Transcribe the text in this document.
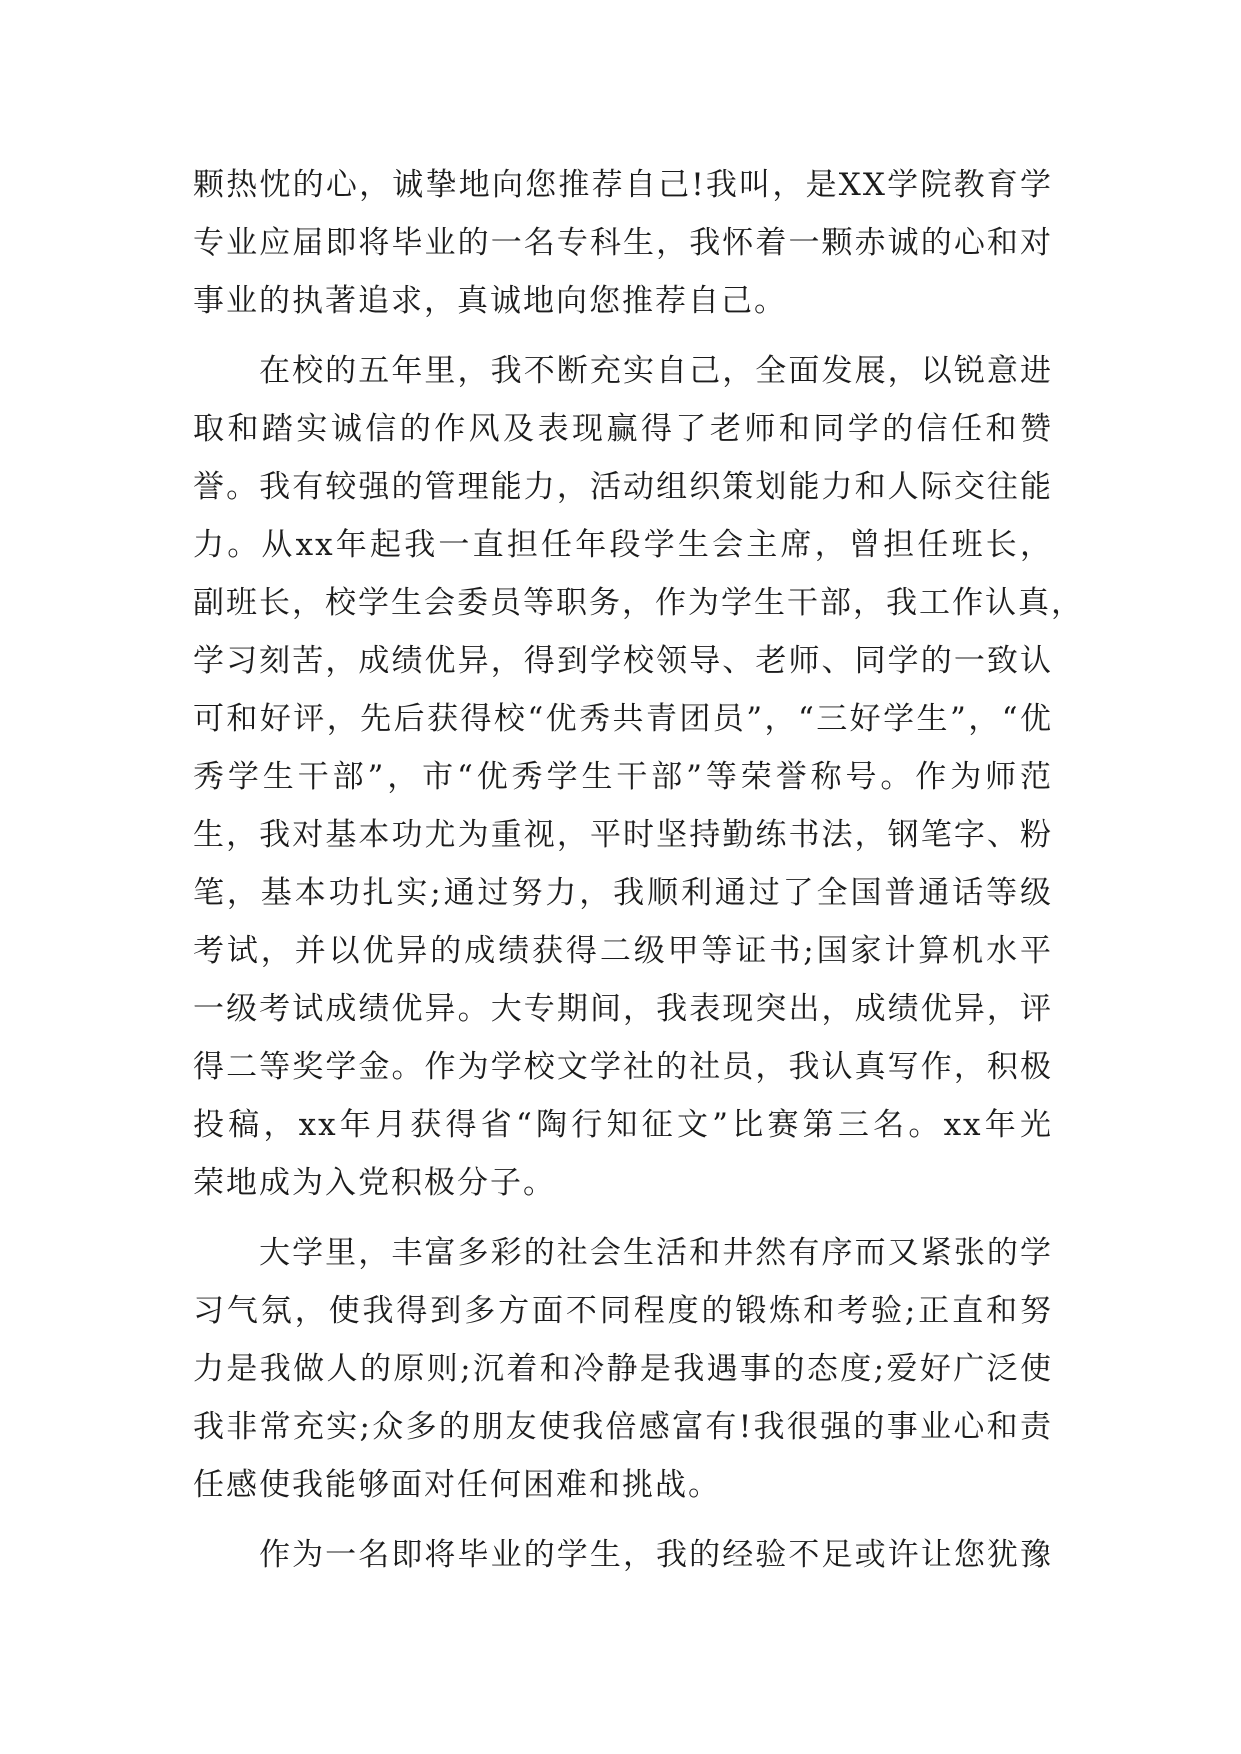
颗热忱的心，诚挚地向您推荐自己!我叫，是XX学院教育学
专业应届即将毕业的一名专科生，我怀着一颗赤诚的心和对
事业的执著追求，真诚地向您推荐自己。
在校的五年里，我不断充实自己，全面发展，以锐意进
取和踏实诚信的作风及表现赢得了老师和同学的信任和赞
誉。我有较强的管理能力，活动组织策划能力和人际交往能
力。从xx年起我一直担任年段学生会主席，曾担任班长，
副班长，校学生会委员等职务，作为学生干部，我工作认真，
学习刻苦，成绩优异，得到学校领导、老师、同学的一致认
可和好评，先后获得校“优秀共青团员”，“三好学生”，“优
秀学生干部”，市“优秀学生干部”等荣誉称号。作为师范
生，我对基本功尤为重视，平时坚持勤练书法，钢笔字、粉
笔，基本功扎实;通过努力，我顺利通过了全国普通话等级
考试，并以优异的成绩获得二级甲等证书;国家计算机水平
一级考试成绩优异。大专期间，我表现突出，成绩优异，评
得二等奖学金。作为学校文学社的社员，我认真写作，积极
投稿，xx年月获得省“陶行知征文”比赛第三名。xx年光
荣地成为入党积极分子。
大学里，丰富多彩的社会生活和井然有序而又紧张的学
习气氛，使我得到多方面不同程度的锻炼和考验;正直和努
力是我做人的原则;沉着和冷静是我遇事的态度;爱好广泛使
我非常充实;众多的朋友使我倍感富有!我很强的事业心和责
任感使我能够面对任何困难和挑战。
作为一名即将毕业的学生，我的经验不足或许让您犹豫
